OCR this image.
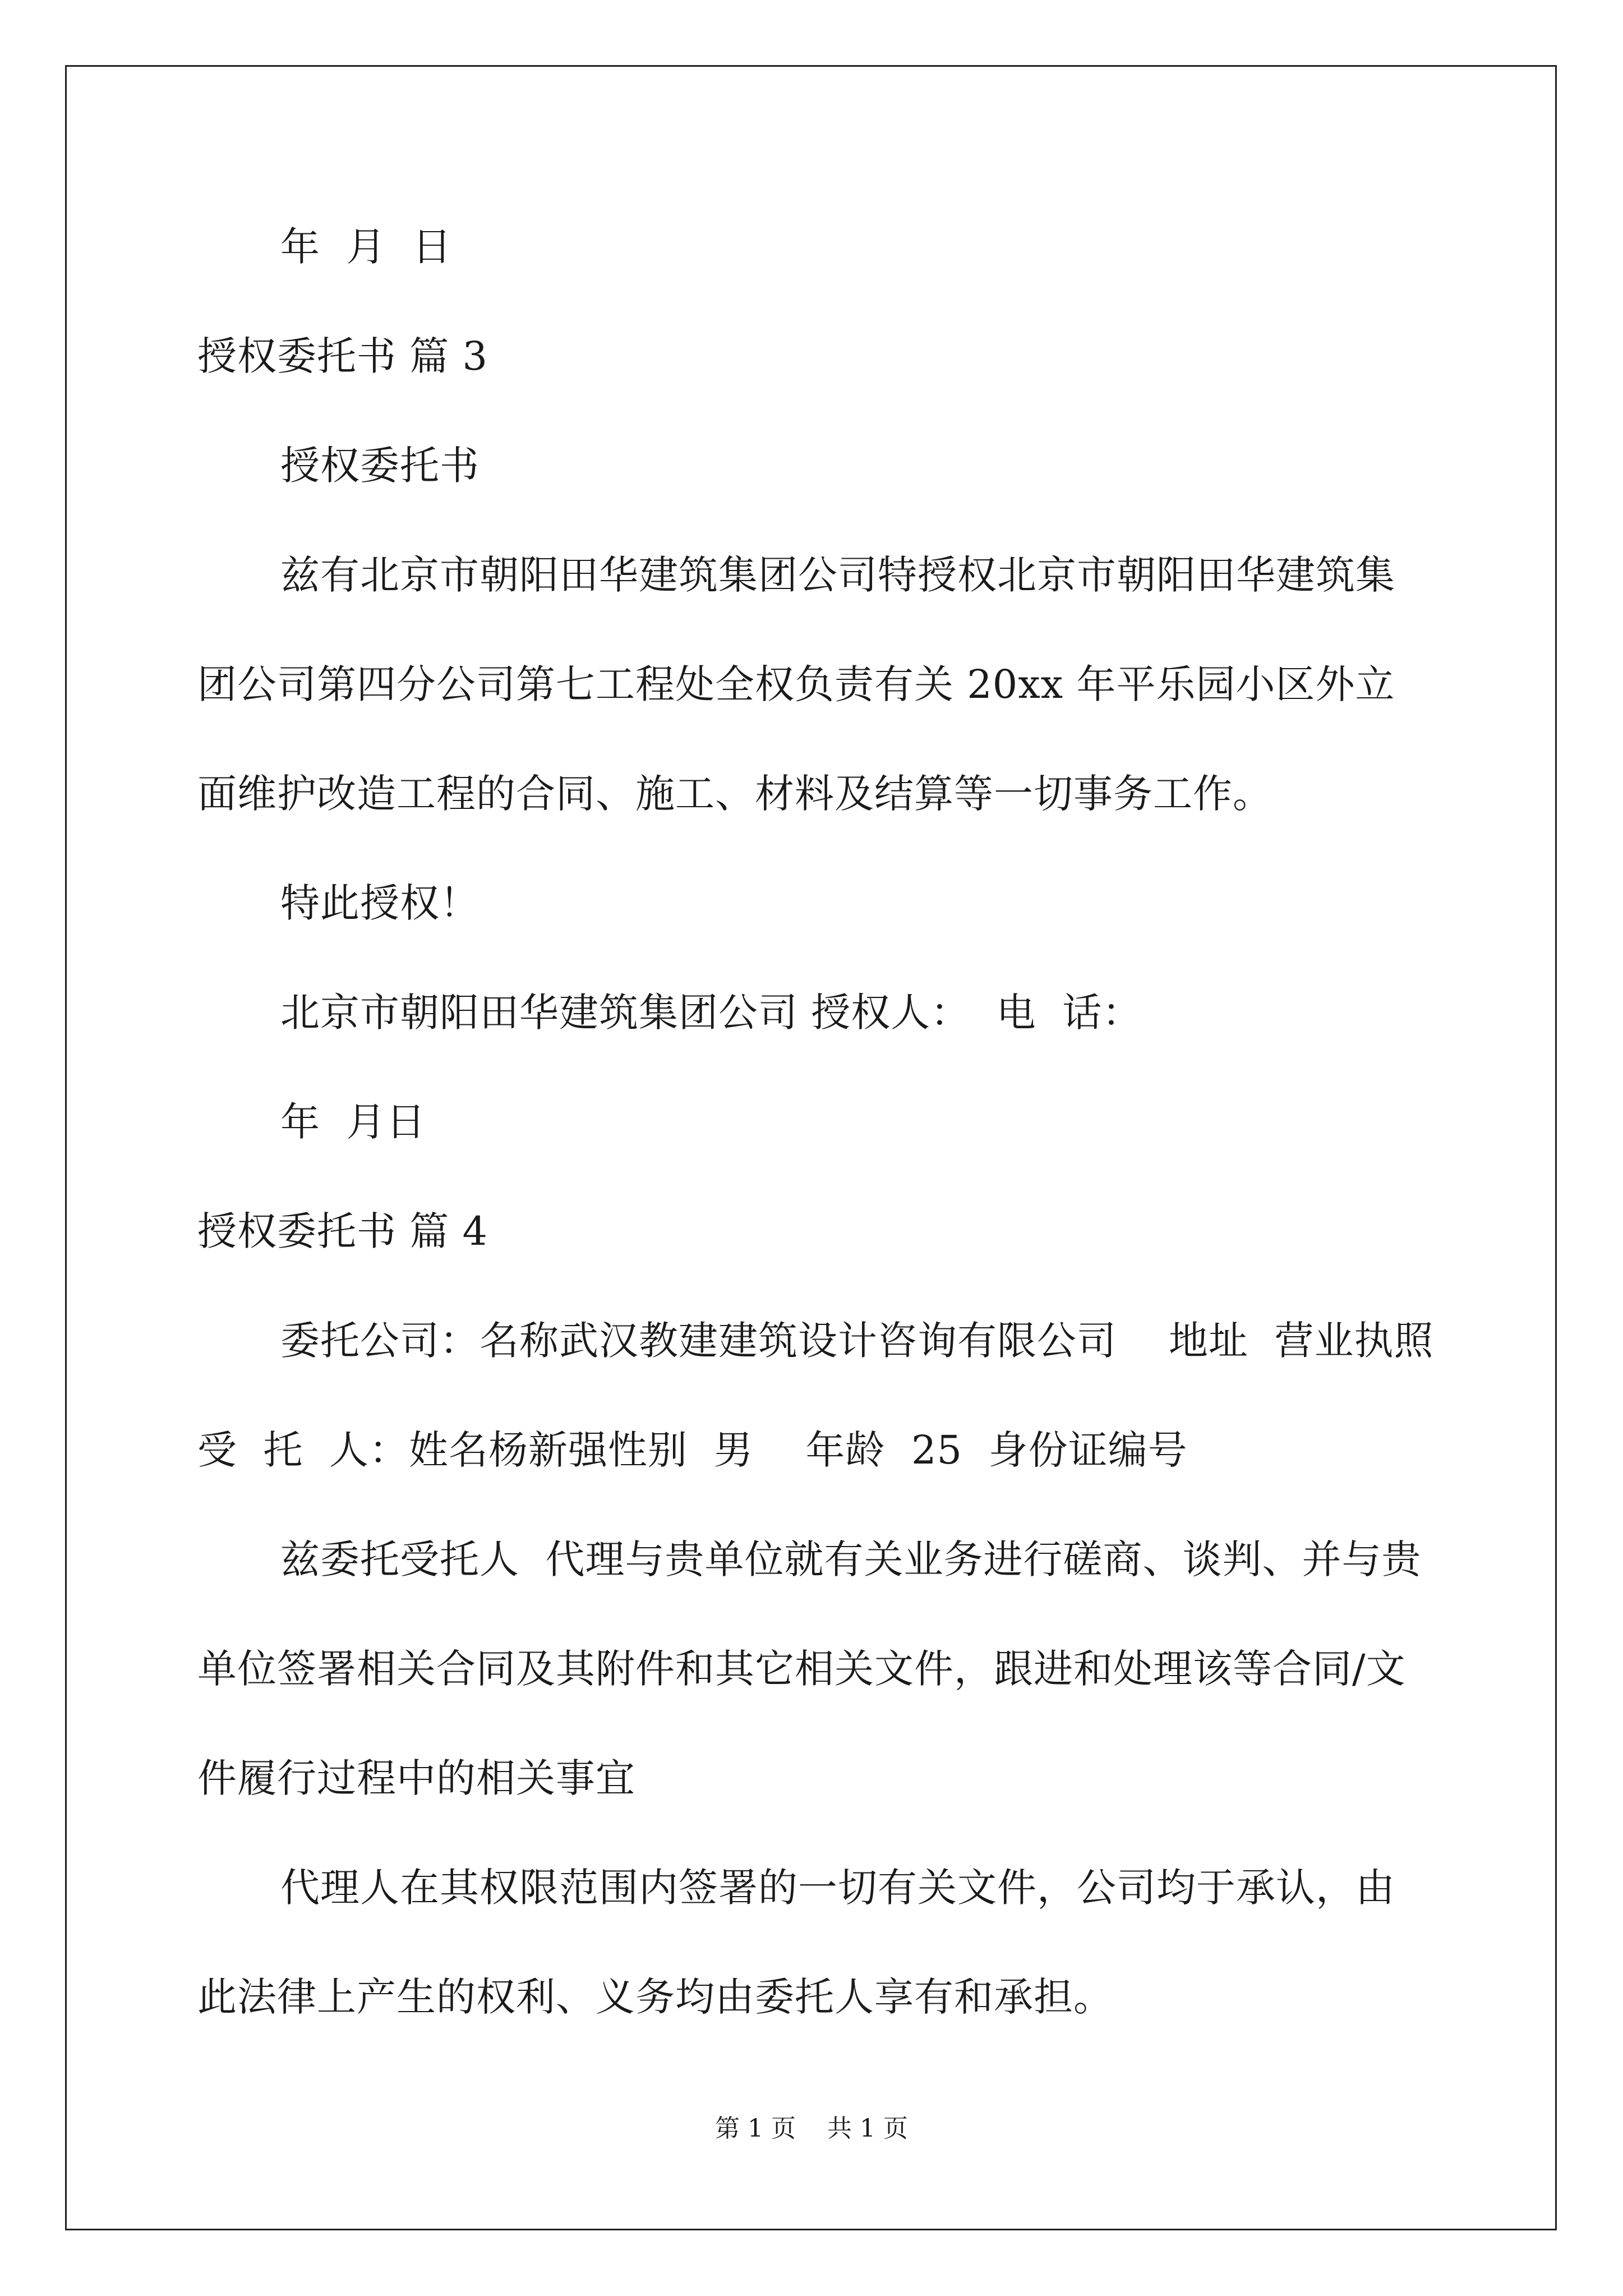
年  月  日
授权委托书 篇 3
授权委托书
兹有北京市朝阳田华建筑集团公司特授权北京市朝阳田华建筑集
团公司第四分公司第七工程处全权负责有关 20xx 年平乐园小区外立
面维护改造工程的合同、施工、材料及结算等一切事务工作。
特此授权！
北京市朝阳田华建筑集团公司 授权人：  电  话：
年  月日
授权委托书 篇 4
委托公司：名称武汉教建建筑设计咨询有限公司    地址  营业执照
受  托  人：姓名杨新强性别  男    年龄  25  身份证编号
兹委托受托人  代理与贵单位就有关业务进行磋商、谈判、并与贵
单位签署相关合同及其附件和其它相关文件，跟进和处理该等合同/文
件履行过程中的相关事宜
代理人在其权限范围内签署的一切有关文件，公司均于承认，由
此法律上产生的权利、义务均由委托人享有和承担。
第 1 页    共 1 页
